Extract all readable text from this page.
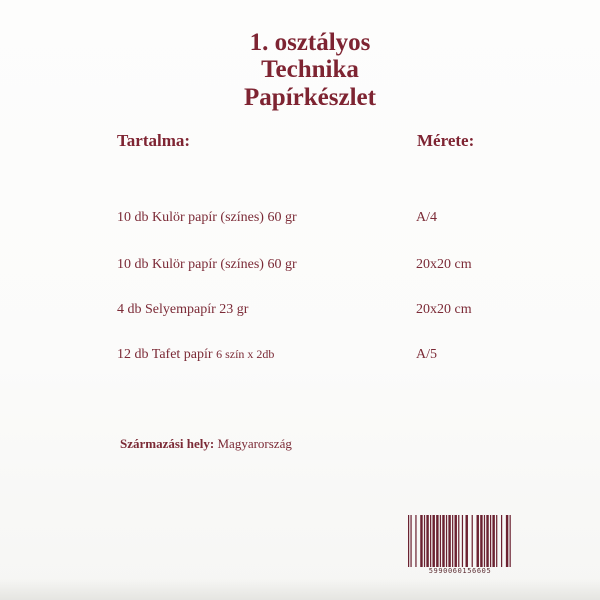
1. osztályos
Technika
Papírkészlet
Tartalma:	Mérete:
10 db Kulör papír (színes) 60 gr	A/4
10 db Kulör papír (színes) 60 gr	20x20 cm
4 db Selyempapír 23 gr	20x20 cm
12 db Tafet papír 6 szín x 2db	A/5
Származási hely: Magyarország
5990060156605
